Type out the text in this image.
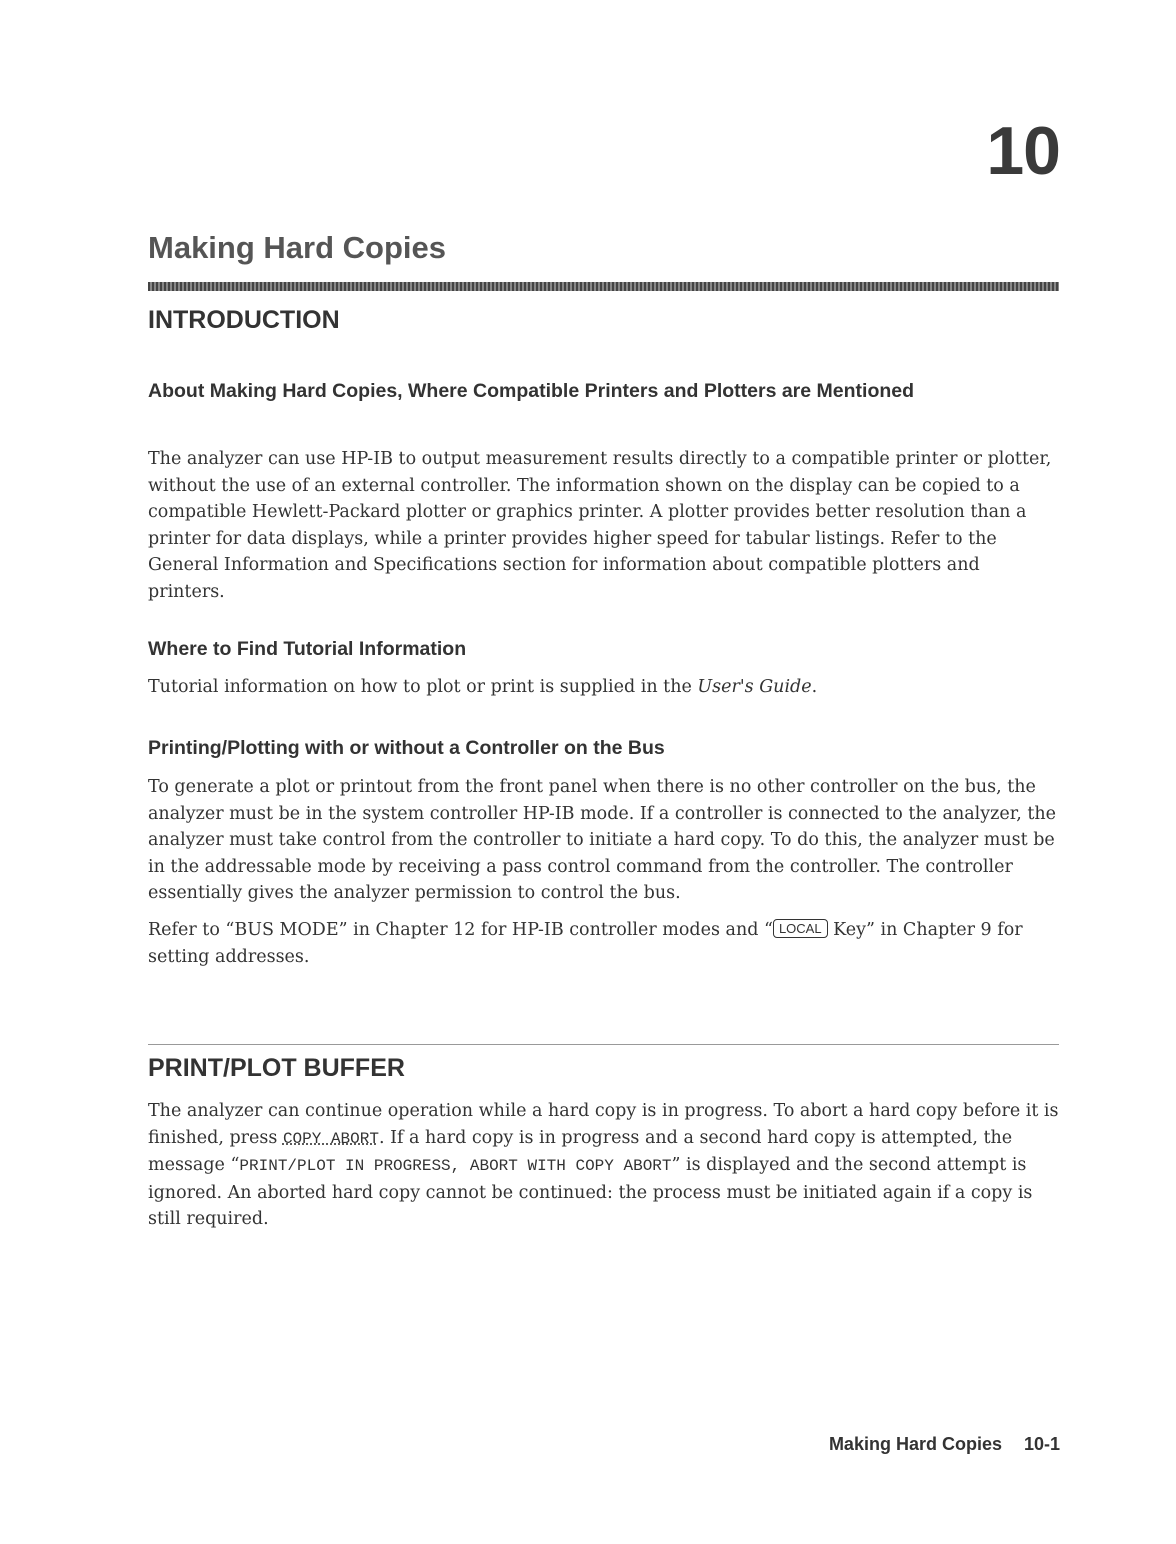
10
Making Hard Copies
INTRODUCTION
About Making Hard Copies, Where Compatible Printers and Plotters are Mentioned

The analyzer can use HP-IB to output measurement results directly to a compatible printer or plotter, without the use of an external controller. The information shown on the display can be copied to a compatible Hewlett-Packard plotter or graphics printer. A plotter provides better resolution than a printer for data displays, while a printer provides higher speed for tabular listings. Refer to the General Information and Specifications section for information about compatible plotters and printers.

Where to Find Tutorial Information

Tutorial information on how to plot or print is supplied in the User's Guide.

Printing/Plotting with or without a Controller on the Bus

To generate a plot or printout from the front panel when there is no other controller on the bus, the analyzer must be in the system controller HP-IB mode. If a controller is connected to the analyzer, the analyzer must take control from the controller to initiate a hard copy. To do this, the analyzer must be in the addressable mode by receiving a pass control command from the controller. The controller essentially gives the analyzer permission to control the bus.

Refer to “BUS MODE” in Chapter 12 for HP-IB controller modes and “ LOCAL Key” in Chapter 9 for setting addresses.

PRINT/PLOT BUFFER

The analyzer can continue operation while a hard copy is in progress. To abort a hard copy before it is finished, press COPY ABORT. If a hard copy is in progress and a second hard copy is attempted, the message “PRINT/PLOT IN PROGRESS, ABORT WITH COPY ABORT” is displayed and the second attempt is ignored. An aborted hard copy cannot be continued: the process must be initiated again if a copy is still required.

Making Hard Copies 10-1
